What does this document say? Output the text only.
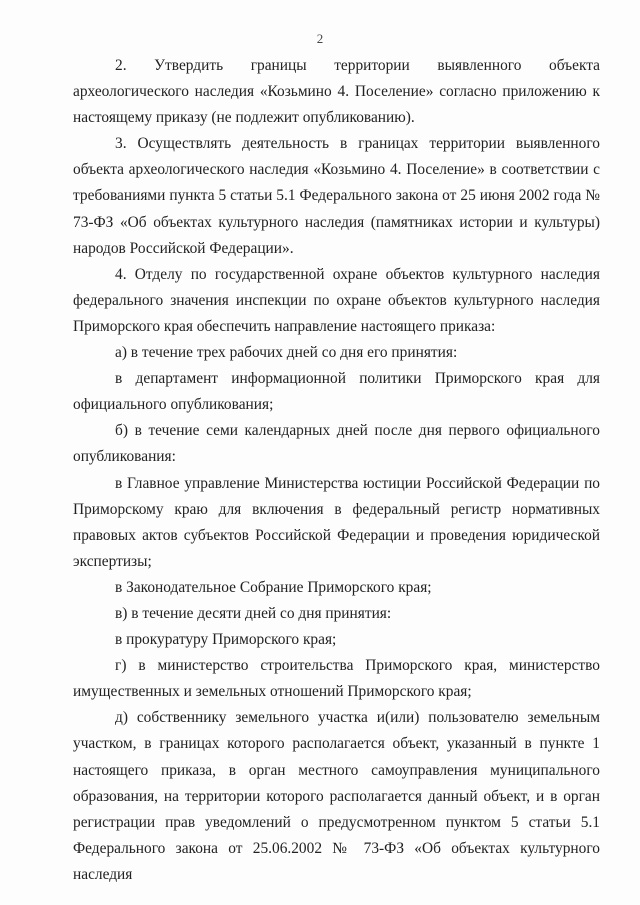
2

2. Утвердить границы территории выявленного объекта археологического наследия «Козьмино 4. Поселение» согласно приложению к настоящему приказу (не подлежит опубликованию).

3. Осуществлять деятельность в границах территории выявленного объекта археологического наследия «Козьмино 4. Поселение» в соответствии с требованиями пункта 5 статьи 5.1 Федерального закона от 25 июня 2002 года № 73-ФЗ «Об объектах культурного наследия (памятниках истории и культуры) народов Российской Федерации».

4. Отделу по государственной охране объектов культурного наследия федерального значения инспекции по охране объектов культурного наследия Приморского края обеспечить направление настоящего приказа:

а) в течение трех рабочих дней со дня его принятия:

в департамент информационной политики Приморского края для официального опубликования;

б) в течение семи календарных дней после дня первого официального опубликования:

в Главное управление Министерства юстиции Российской Федерации по Приморскому краю для включения в федеральный регистр нормативных правовых актов субъектов Российской Федерации и проведения юридической экспертизы;

в Законодательное Собрание Приморского края;

в) в течение десяти дней со дня принятия:

в прокуратуру Приморского края;

г) в министерство строительства Приморского края, министерство имущественных и земельных отношений Приморского края;

д) собственнику земельного участка и(или) пользователю земельным участком, в границах которого располагается объект, указанный в пункте 1 настоящего приказа, в орган местного самоуправления муниципального образования, на территории которого располагается данный объект, и в орган регистрации прав уведомлений о предусмотренном пунктом 5 статьи 5.1 Федерального закона от 25.06.2002 № 73-ФЗ «Об объектах культурного наследия
